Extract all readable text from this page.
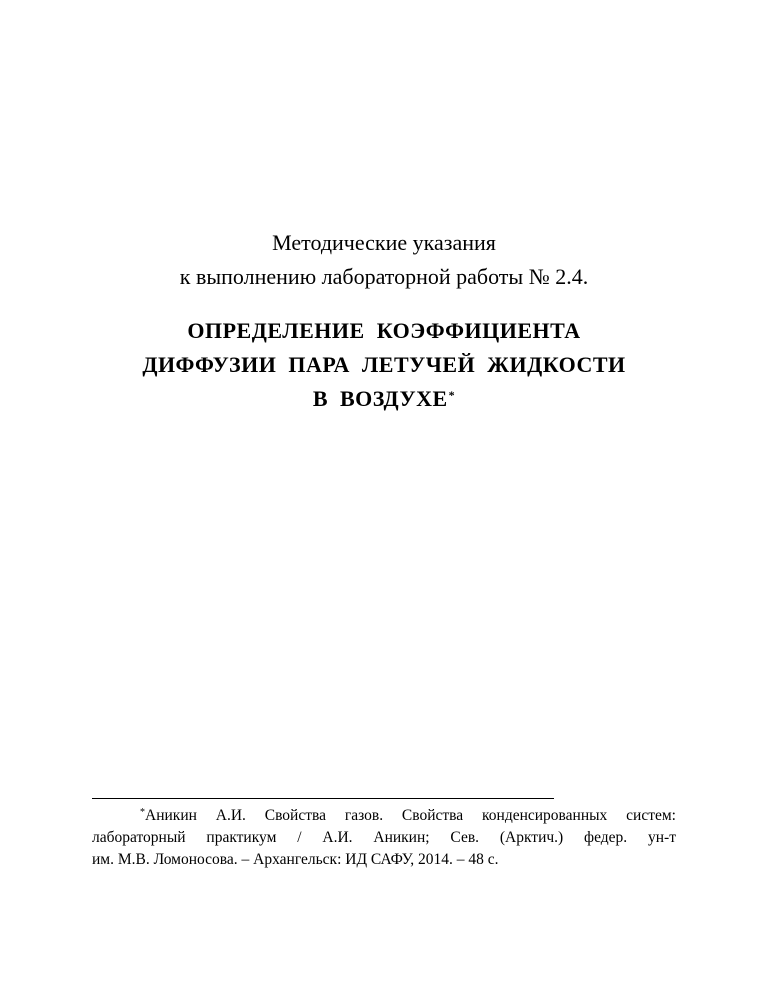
Методические указания
к выполнению лабораторной работы № 2.4.
ОПРЕДЕЛЕНИЕ КОЭФФИЦИЕНТА
ДИФФУЗИИ ПАРА ЛЕТУЧЕЙ ЖИДКОСТИ
В ВОЗДУХЕ*
*Аникин А.И. Свойства газов. Свойства конденсированных систем:
лабораторный практикум / А.И. Аникин; Сев. (Арктич.) федер. ун-т
им. М.В. Ломоносова. – Архангельск: ИД САФУ, 2014. – 48 с.
